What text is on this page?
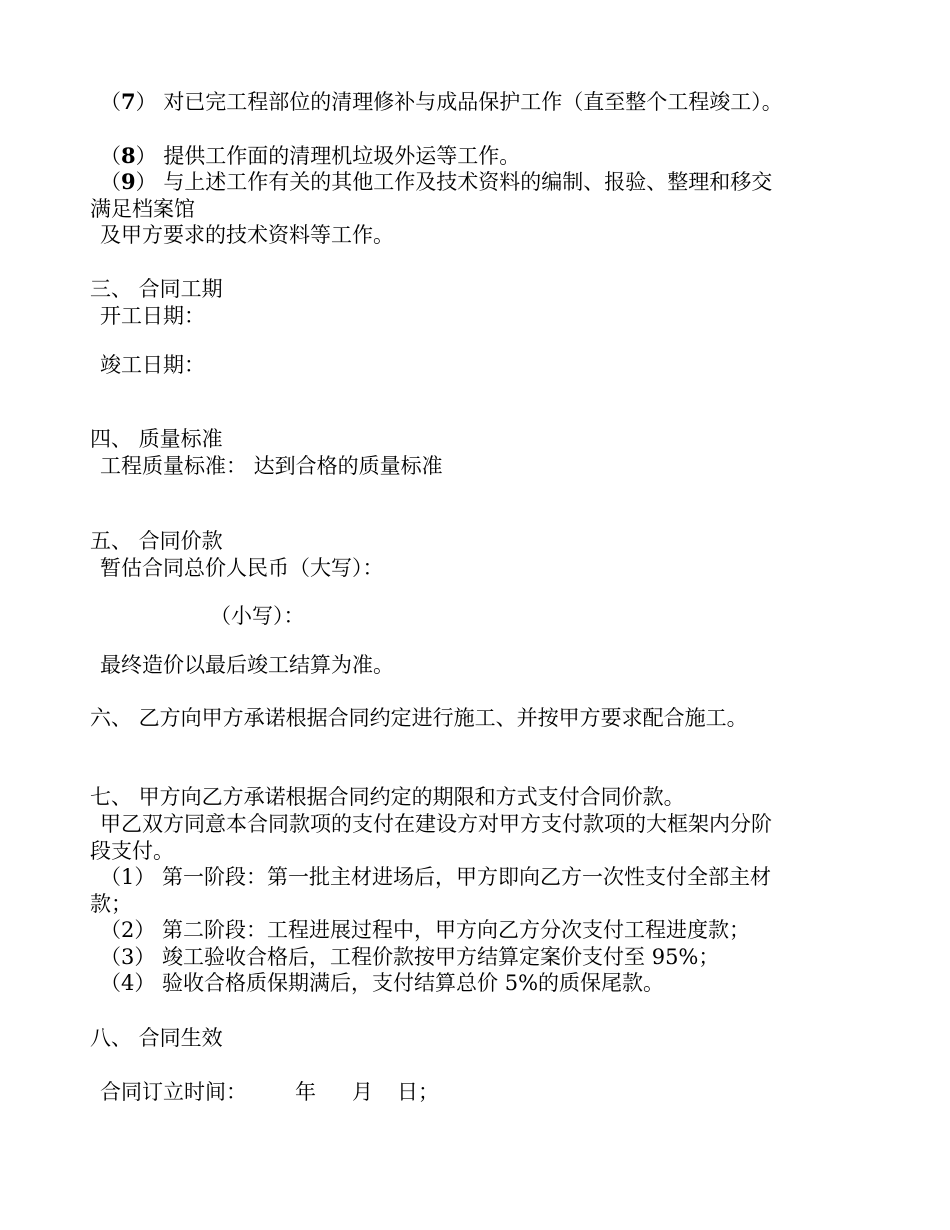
（7） 对已完工程部位的清理修补与成品保护工作（直至整个工程竣工）。
（8） 提供工作面的清理机垃圾外运等工作。
（9） 与上述工作有关的其他工作及技术资料的编制、报验、整理和移交
满足档案馆
及甲方要求的技术资料等工作。
三、 合同工期
开工日期：
竣工日期：
四、 质量标准
工程质量标准： 达到合格的质量标准
五、 合同价款
暂估合同总价人民币（大写）：
（小写）：
最终造价以最后竣工结算为准。
六、 乙方向甲方承诺根据合同约定进行施工、并按甲方要求配合施工。
七、 甲方向乙方承诺根据合同约定的期限和方式支付合同价款。
甲乙双方同意本合同款项的支付在建设方对甲方支付款项的大框架内分阶
段支付。
（1） 第一阶段：第一批主材进场后，甲方即向乙方一次性支付全部主材
款；
（2） 第二阶段：工程进展过程中，甲方向乙方分次支付工程进度款；
（3） 竣工验收合格后，工程价款按甲方结算定案价支付至 95%；
（4） 验收合格质保期满后，支付结算总价 5%的质保尾款。
八、 合同生效
合同订立时间： 年 月 日；
